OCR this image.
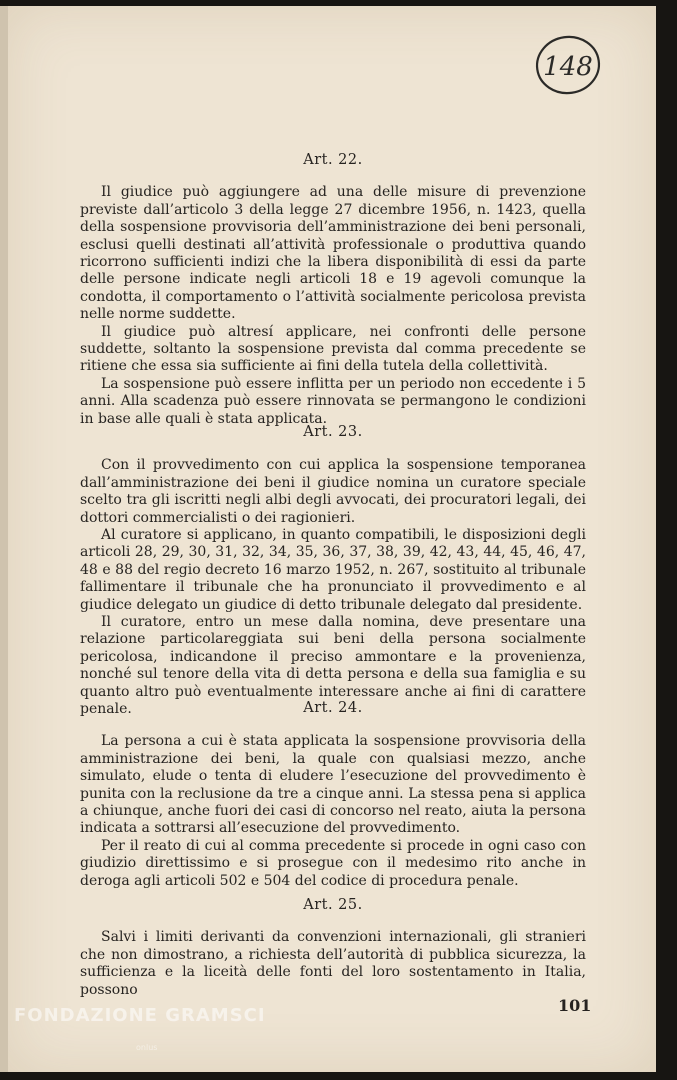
148
Art. 22.

Il giudice può aggiungere ad una delle misure di prevenzione previste dall’articolo 3 della legge 27 dicembre 1956, n. 1423, quella della sospensione provvisoria dell’amministrazione dei beni personali, esclusi quelli destinati all’attività professionale o produttiva quando ricorrono sufficienti indizi che la libera disponibilità di essi da parte delle persone indicate negli articoli 18 e 19 agevoli comunque la condotta, il comportamento o l’attività socialmente pericolosa prevista nelle norme suddette.

Il giudice può altresí applicare, nei confronti delle persone suddette, soltanto la sospensione prevista dal comma precedente se ritiene che essa sia sufficiente ai fini della tutela della collettività.

La sospensione può essere inflitta per un periodo non eccedente i 5 anni. Alla scadenza può essere rinnovata se permangono le condizioni in base alle quali è stata applicata.

Art. 23.

Con il provvedimento con cui applica la sospensione temporanea dall’amministrazione dei beni il giudice nomina un curatore speciale scelto tra gli iscritti negli albi degli avvocati, dei procuratori legali, dei dottori commercialisti o dei ragionieri.

Al curatore si applicano, in quanto compatibili, le disposizioni degli articoli 28, 29, 30, 31, 32, 34, 35, 36, 37, 38, 39, 42, 43, 44, 45, 46, 47, 48 e 88 del regio decreto 16 marzo 1952, n. 267, sostituito al tribunale fallimentare il tribunale che ha pronunciato il provvedimento e al giudice delegato un giudice di detto tribunale delegato dal presidente.

Il curatore, entro un mese dalla nomina, deve presentare una relazione particolareggiata sui beni della persona socialmente pericolosa, indicandone il preciso ammontare e la provenienza, nonché sul tenore della vita di detta persona e della sua famiglia e su quanto altro può eventualmente interessare anche ai fini di carattere penale.	Art. 24.

La persona a cui è stata applicata la sospensione provvisoria della amministrazione dei beni, la quale con qualsiasi mezzo, anche simulato, elude o tenta di eludere l’esecuzione del provvedimento è punita con la reclusione da tre a cinque anni. La stessa pena si applica a chiunque, anche fuori dei casi di concorso nel reato, aiuta la persona indicata a sottrarsi all’esecuzione del provvedimento.

Per il reato di cui al comma precedente si procede in ogni caso con giudizio direttissimo e si prosegue con il medesimo rito anche in deroga agli articoli 502 e 504 del codice di procedura penale.

Art. 25.

Salvi i limiti derivanti da convenzioni internazionali, gli stranieri che non dimostrano, a richiesta dell’autorità di pubblica sicurezza, la sufficienza e la liceità delle fonti del loro sostentamento in Italia, possono

101
FONDAZIONE GRAMSCI
onlus
